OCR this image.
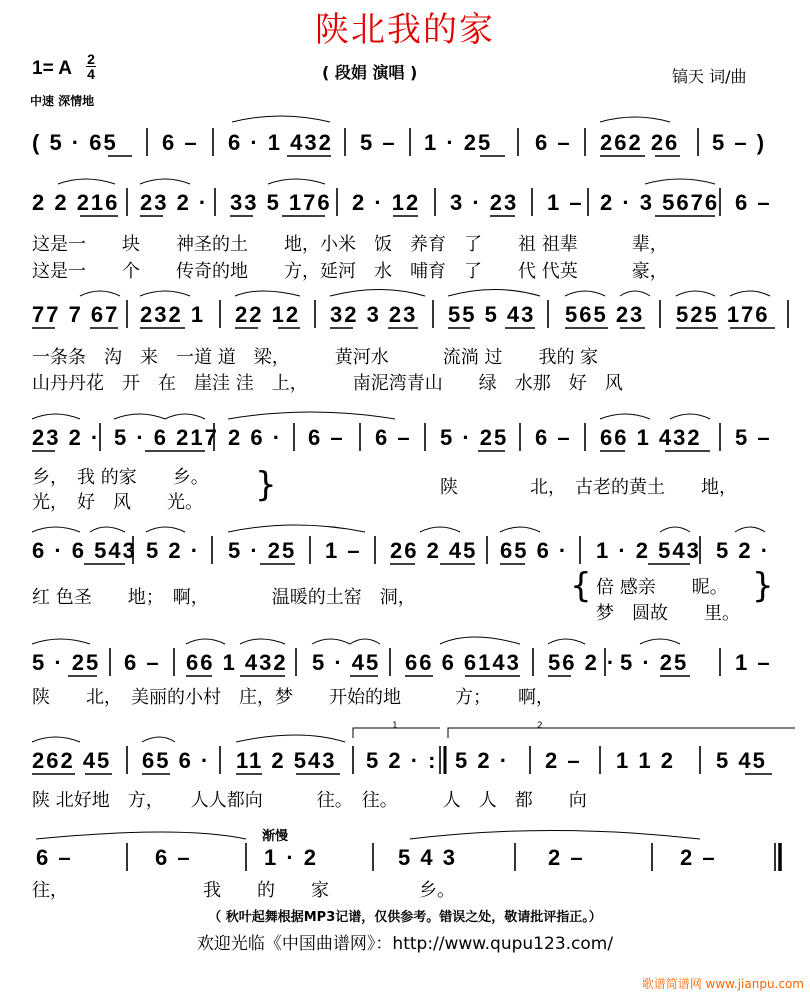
陕北我的家
1= A 2
4	( 段娟 演唱 )	镐天 词/曲
中速 深情地
( 5 · 65 6 – 6 · 1 432 5 – 1 · 25 6 – 262 26 5 – )
2 2 216 23 2 · 33 5 176 2 · 12 3 · 23 1 – 2 · 3 5676 6 –
这是一　　块　　神圣的土　　地，小米　饭　养育　了　　祖 祖辈　　　辈，
这是一　　个　　传奇的地　　方，延河　水　哺育　了　　代 代英　　　豪，
77 7 67 232 1 22 12 32 3 23 55 5 43 565 23 525 176
一条条　沟　来　一道 道　梁，　　　黄河水　　　流淌 过　　我的 家
山丹丹花　开　在　崖洼 洼　上，　　　南泥湾青山　　绿　水那　好　风
23 2 · 5 · 6 217 2 6 · 6 – 6 – 5 · 25 6 – 66 1 432 5 –
乡，　我 的家　　乡。
光，　好　风　　光。 }	陕　　　　北，　古老的黄土　　地，
6 · 6 543 5 2 · 5 · 25 1 – 26 2 45 65 6 · 1 · 2 543 5 2 ·
红 色圣　　地；　啊，　　　　温暖的土窑　洞，	{ 倍 感亲　　昵。
梦　圆故　　里。
}
5 · 25 6 – 66 1 432 5 · 45 66 6 6143 56 2 · 5 · 25 1 –
陕　　北，　美丽的小村　庄，梦　　开始的地　　　方；　　啊，
1	2
262 45 65 6 · 11 2 543 5 2 · : 5 2 · 2 – 1 1 2 5 45
陕 北好地　方，　　人人都向　　　往。　往。　　　人　人　都　　向
渐慢
6 –	6 –	1 · 2	5 4 3	2 –	2 –
往，　　　　　　　　我　　的　　家　　　　　乡。
（ 秋叶起舞根据MP3记谱，仅供参考。错误之处，敬请批评指正。）
欢迎光临《中国曲谱网》：http://www.qupu123.com/
歌谱简谱网 www.jianpu.com
